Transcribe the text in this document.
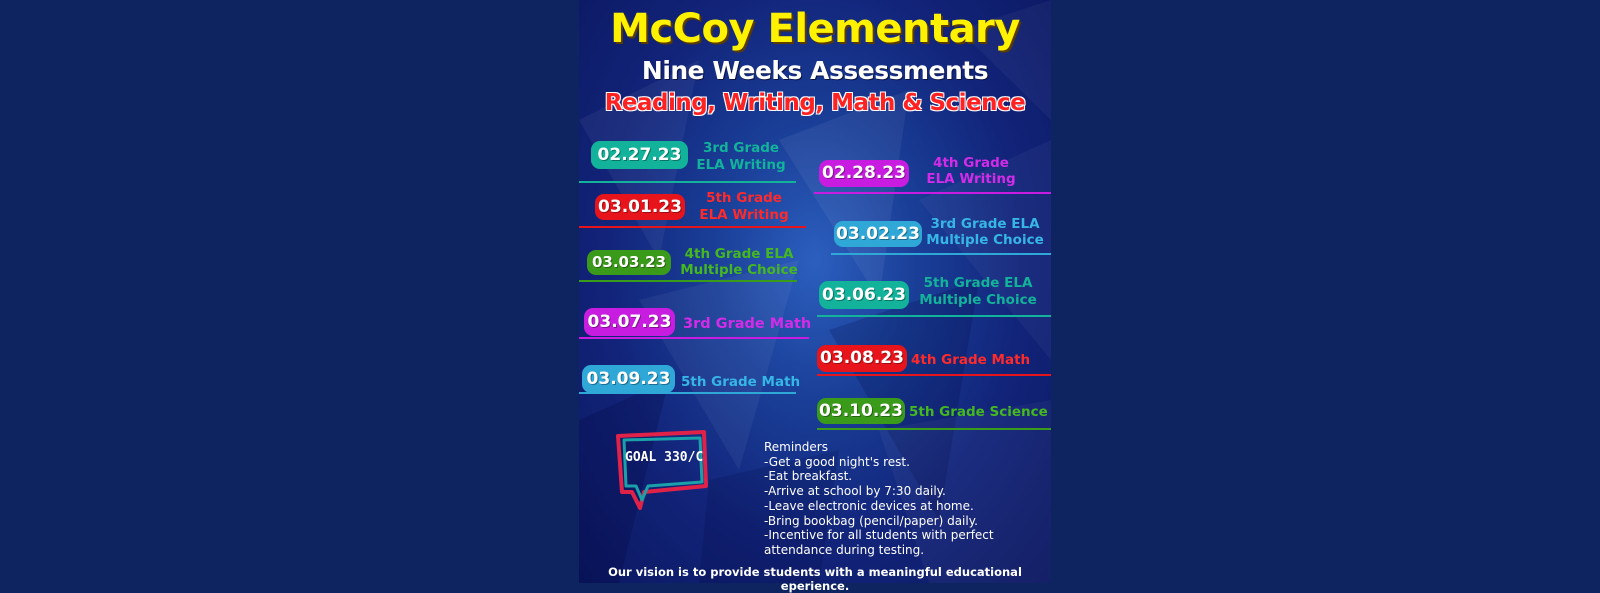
McCoy Elementary
Nine Weeks Assessments
Reading, Writing, Math & Science
02.27.23	3rd Grade
ELA Writing
03.01.23	5th Grade
ELA Writing
03.03.23	4th Grade ELA
Multiple Choice
03.07.23 3rd Grade Math
03.09.23 5th Grade Math
02.28.23	4th Grade
ELA Writing
03.02.23 3rd Grade ELA
Multiple Choice
03.06.23
5th Grade ELA
Multiple Choice
03.08.23 4th Grade Math
03.10.23 5th Grade Science
GOAL 330/C
Reminders
-Get a good night's rest.
-Eat breakfast.
-Arrive at school by 7:30 daily.
-Leave electronic devices at home.
-Bring bookbag (pencil/paper) daily.
-Incentive for all students with perfect
attendance during testing.
Our vision is to provide students with a meaningful educational eperience.
